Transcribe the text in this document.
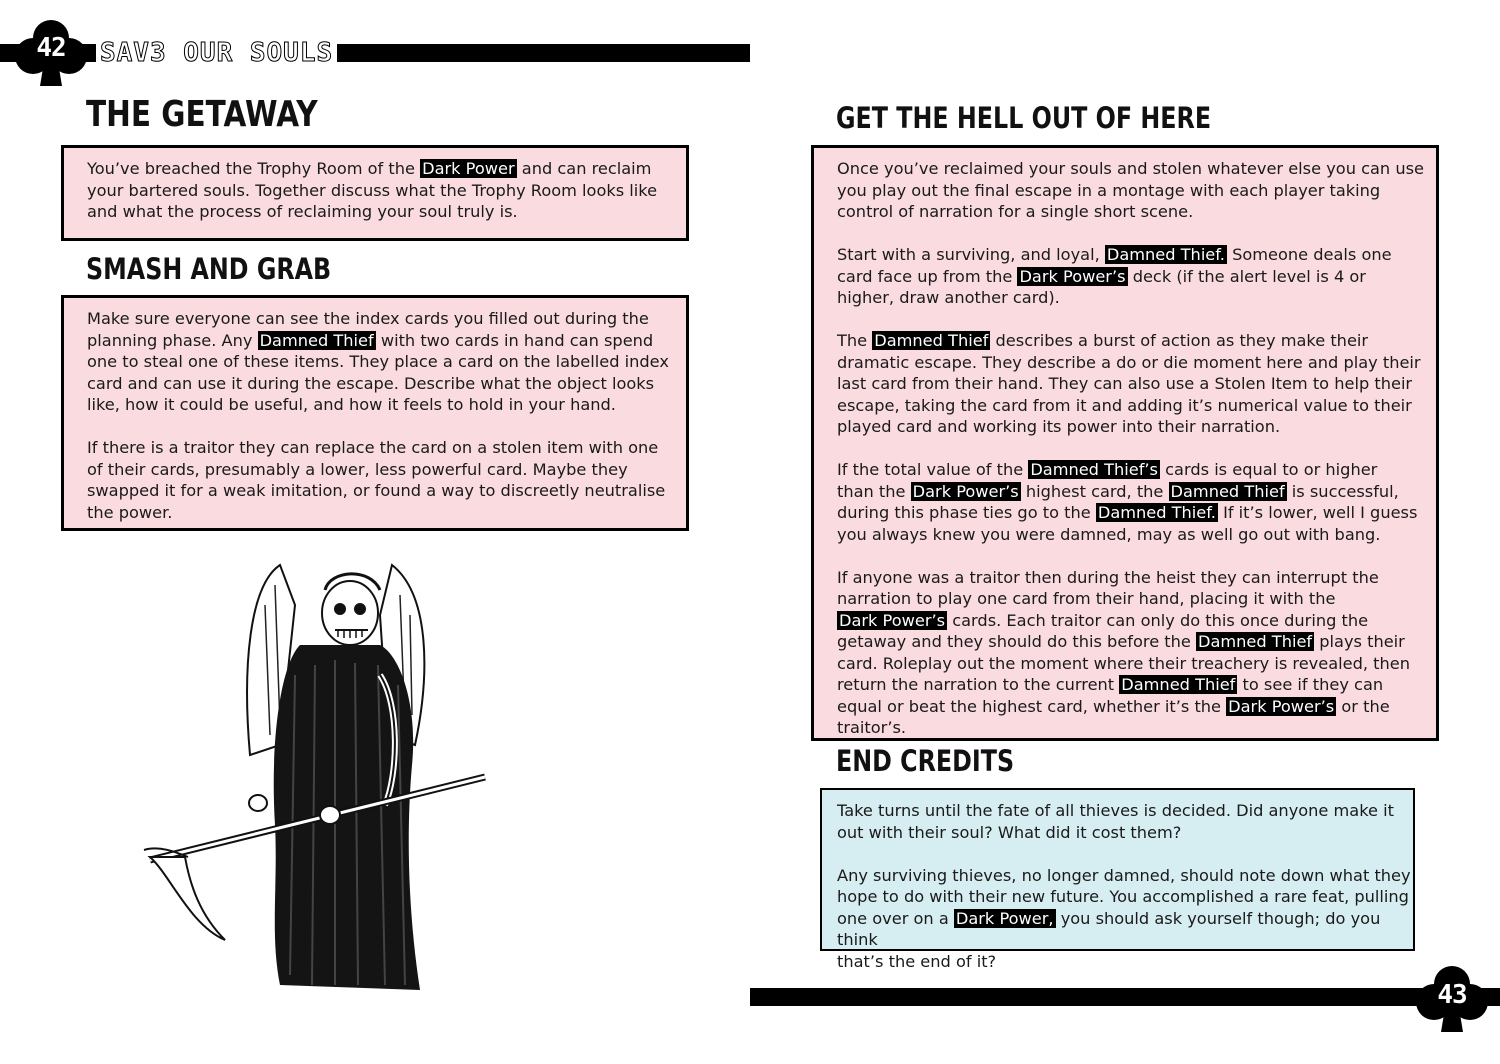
42 SAV3 OUR SOULS
43
THE GETAWAY

You’ve breached the Trophy Room of the Dark Power and can reclaim
your bartered souls. Together discuss what the Trophy Room looks like
and what the process of reclaiming your soul truly is.

SMASH AND GRAB

Make sure everyone can see the index cards you filled out during the
planning phase. Any Damned Thief with two cards in hand can spend
one to steal one of these items. They place a card on the labelled index
card and can use it during the escape. Describe what the object looks
like, how it could be useful, and how it feels to hold in your hand.

If there is a traitor they can replace the card on a stolen item with one
of their cards, presumably a lower, less powerful card. Maybe they
swapped it for a weak imitation, or found a way to discreetly neutralise
the power.

GET THE HELL OUT OF HERE

Once you’ve reclaimed your souls and stolen whatever else you can use
you play out the final escape in a montage with each player taking
control of narration for a single short scene.

Start with a surviving, and loyal, Damned Thief. Someone deals one
card face up from the Dark Power’s deck (if the alert level is 4 or
higher, draw another card).

The Damned Thief describes a burst of action as they make their
dramatic escape. They describe a do or die moment here and play their
last card from their hand. They can also use a Stolen Item to help their
escape, taking the card from it and adding it’s numerical value to their
played card and working its power into their narration.

If the total value of the Damned Thief’s cards is equal to or higher
than the Dark Power’s highest card, the Damned Thief is successful,
during this phase ties go to the Damned Thief. If it’s lower, well I guess
you always knew you were damned, may as well go out with bang.

If anyone was a traitor then during the heist they can interrupt the
narration to play one card from their hand, placing it with the
Dark Power’s cards. Each traitor can only do this once during the
getaway and they should do this before the Damned Thief plays their
card. Roleplay out the moment where their treachery is revealed, then
return the narration to the current Damned Thief to see if they can
equal or beat the highest card, whether it’s the Dark Power’s or the
traitor’s.

END CREDITS

Take turns until the fate of all thieves is decided. Did anyone make it
out with their soul? What did it cost them?

Any surviving thieves, no longer damned, should note down what they
hope to do with their new future. You accomplished a rare feat, pulling
one over on a Dark Power, you should ask yourself though; do you think
that’s the end of it?
